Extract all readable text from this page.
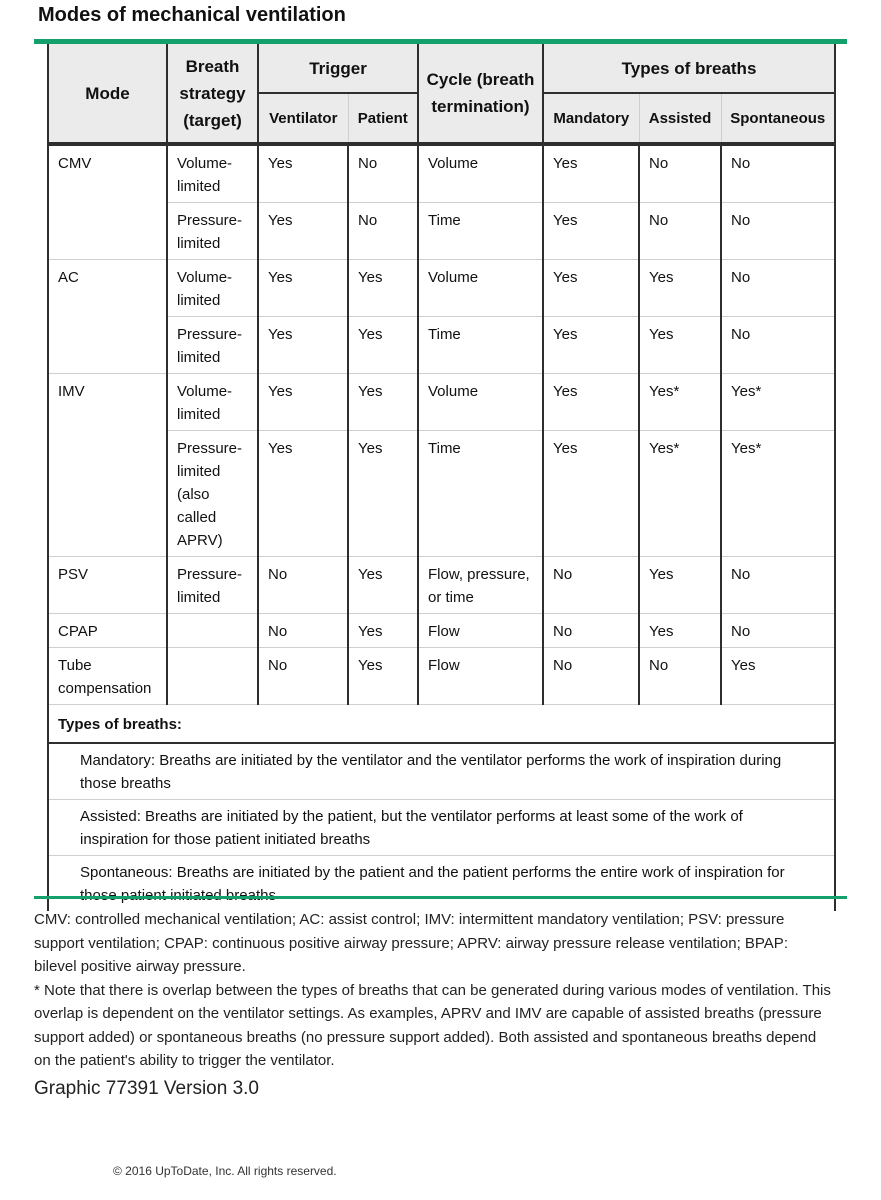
Modes of mechanical ventilation
Mode	Breath strategy (target)	Trigger		Cycle (breath termination)	Types of breaths		
		Ventilator	Patient		Mandatory	Assisted	Spontaneous
CMV	Volume-limited	Yes	No	Volume	Yes	No	No
	Pressure-limited	Yes	No	Time	Yes	No	No
AC	Volume-limited	Yes	Yes	Volume	Yes	Yes	No
	Pressure-limited	Yes	Yes	Time	Yes	Yes	No
IMV	Volume-limited	Yes	Yes	Volume	Yes	Yes*	Yes*
	Pressure-limited (also called APRV)	Yes	Yes	Time	Yes	Yes*	Yes*
PSV	Pressure-limited	No	Yes	Flow, pressure, or time	No	Yes	No
CPAP		No	Yes	Flow	No	Yes	No
Tube compensation		No	Yes	Flow	No	No	Yes
Types of breaths:							
Mandatory: Breaths are initiated by the ventilator and the ventilator performs the work of inspiration during those breaths							
Assisted: Breaths are initiated by the patient, but the ventilator performs at least some of the work of inspiration for those patient initiated breaths							
Spontaneous: Breaths are initiated by the patient and the patient performs the entire work of inspiration for							

CMV: controlled mechanical ventilation; AC: assist control; IMV: intermittent mandatory ventilation; PSV: pressure support ventilation; CPAP: continuous positive airway pressure; APRV: airway pressure release ventilation; BPAP: bilevel positive airway pressure.

* Note that there is overlap between the types of breaths that can be generated during various modes of ventilation. This overlap is dependent on the ventilator settings. As examples, APRV and IMV are capable of assisted breaths (pressure support added) or spontaneous breaths (no pressure support added). Both assisted and spontaneous breaths depend on the patient's ability to trigger the ventilator.

Graphic 77391 Version 3.0
© 2016 UpToDate, Inc. All rights reserved.
